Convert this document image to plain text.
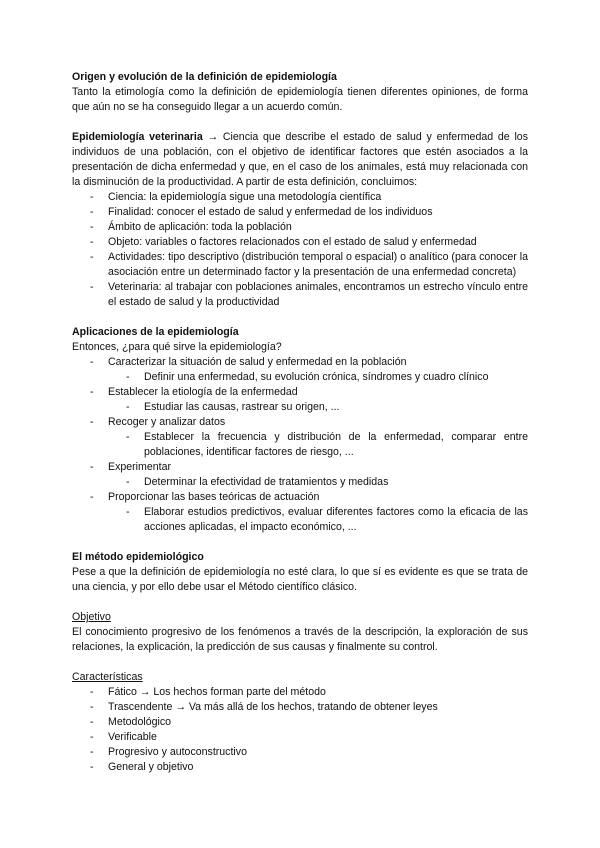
Origen y evolución de la definición de epidemiología

Tanto la etimología como la definición de epidemiología tienen diferentes opiniones, de forma que aún no se ha conseguido llegar a un acuerdo común.

Epidemiología veterinaria → Ciencia que describe el estado de salud y enfermedad de los individuos de una población, con el objetivo de identificar factores que estén asociados a la presentación de dicha enfermedad y que, en el caso de los animales, está muy relacionada con la disminución de la productividad. A partir de esta definición, concluimos:

- Ciencia: la epidemiología sigue una metodología científica
- Finalidad: conocer el estado de salud y enfermedad de los individuos
- Ámbito de aplicación: toda la población
- Objeto: variables o factores relacionados con el estado de salud y enfermedad
- Actividades: tipo descriptivo (distribución temporal o espacial) o analítico (para conocer la asociación entre un determinado factor y la presentación de una enfermedad concreta)
- Veterinaria: al trabajar con poblaciones animales, encontramos un estrecho vínculo entre el estado de salud y la productividad

Aplicaciones de la epidemiología

Entonces, ¿para qué sirve la epidemiología?

- Caracterizar la situación de salud y enfermedad en la población
- Definir una enfermedad, su evolución crónica, síndromes y cuadro clínico
- Establecer la etiología de la enfermedad
- Estudiar las causas, rastrear su origen, ...
- Recoger y analizar datos
- Establecer la frecuencia y distribución de la enfermedad, comparar entre poblaciones, identificar factores de riesgo, ...
- Experimentar
- Determinar la efectividad de tratamientos y medidas
- Proporcionar las bases teóricas de actuación
- Elaborar estudios predictivos, evaluar diferentes factores como la eficacia de las acciones aplicadas, el impacto económico, ...

El método epidemiológico

Pese a que la definición de epidemiología no esté clara, lo que sí es evidente es que se trata de una ciencia, y por ello debe usar el Método científico clásico.

Objetivo

El conocimiento progresivo de los fenómenos a través de la descripción, la exploración de sus relaciones, la explicación, la predicción de sus causas y finalmente su control.

Características

- Fático → Los hechos forman parte del método
- Trascendente → Va más allá de los hechos, tratando de obtener leyes
- Metodológico
- Verificable
- Progresivo y autoconstructivo
- General y objetivo
